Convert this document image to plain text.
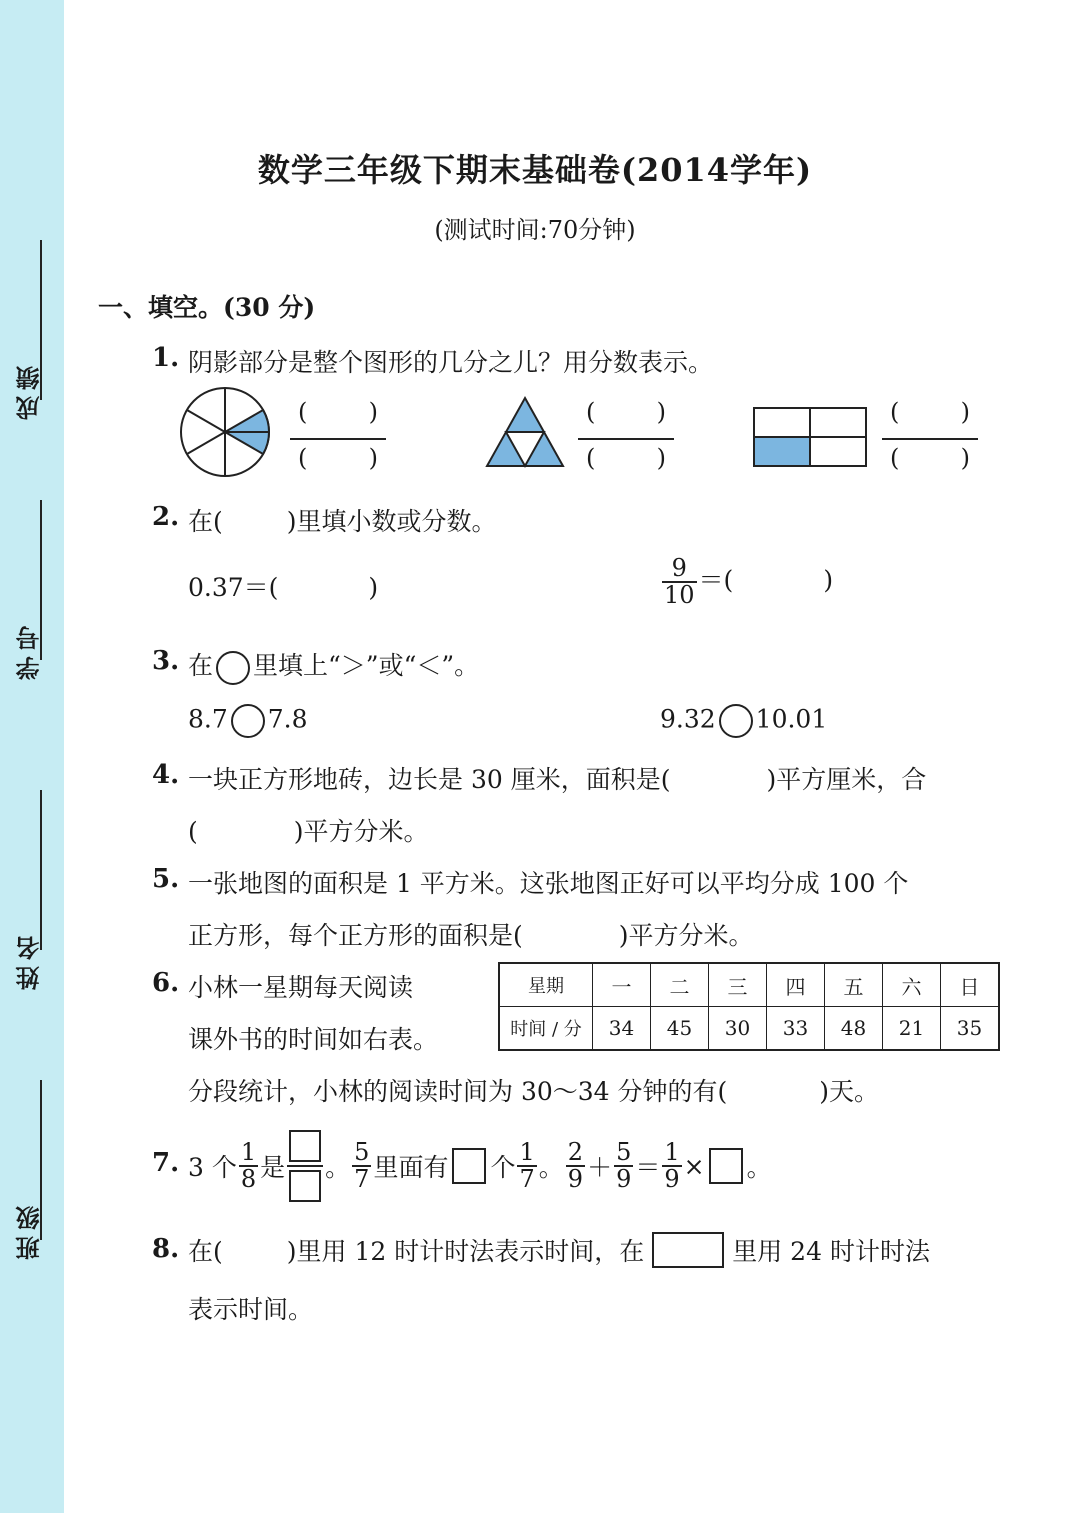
成绩
学号
姓名
班级
数学三年级下期末基础卷(2014学年)
(测试时间:70分钟)
一、填空。(30 分)
1. 阴影部分是整个图形的几分之儿？用分数表示。
(	)
(	)
(	)
(	)
(	)
(	)
2. 在(	)里填小数或分数。
0.37＝(	)	$\frac{9}{10}$ ＝(	)
3. 在 里填上“＞”或“＜”。
8.7 7.8	9.32 10.01
4. 一块正方形地砖，边长是 30 厘米，面积是(	)平方厘米，合
(	)平方分米。
5. 一张地图的面积是 1 平方米。这张地图正好可以平均分成 100 个
正方形，每个正方形的面积是(	)平方分米。
6. 小林一星期每天阅读
课外书的时间如右表。
星期	一	二	三	四	五	六	日
时间 / 分	34	45	30	33	48	21	35
分段统计，小林的阅读时间为 30～34 分钟的有(	)天。
7. 3 个 $\frac{1}{8}$ 是 。 $\frac{5}{7}$ 里面有 个 $\frac{1}{7}$ 。 $\frac{2}{9} + \frac{5}{9} = \frac{1}{9}$ × 。
8. 在(	)里用 12 时计时法表示时间，在	里用 24 时计时法
表示时间。
